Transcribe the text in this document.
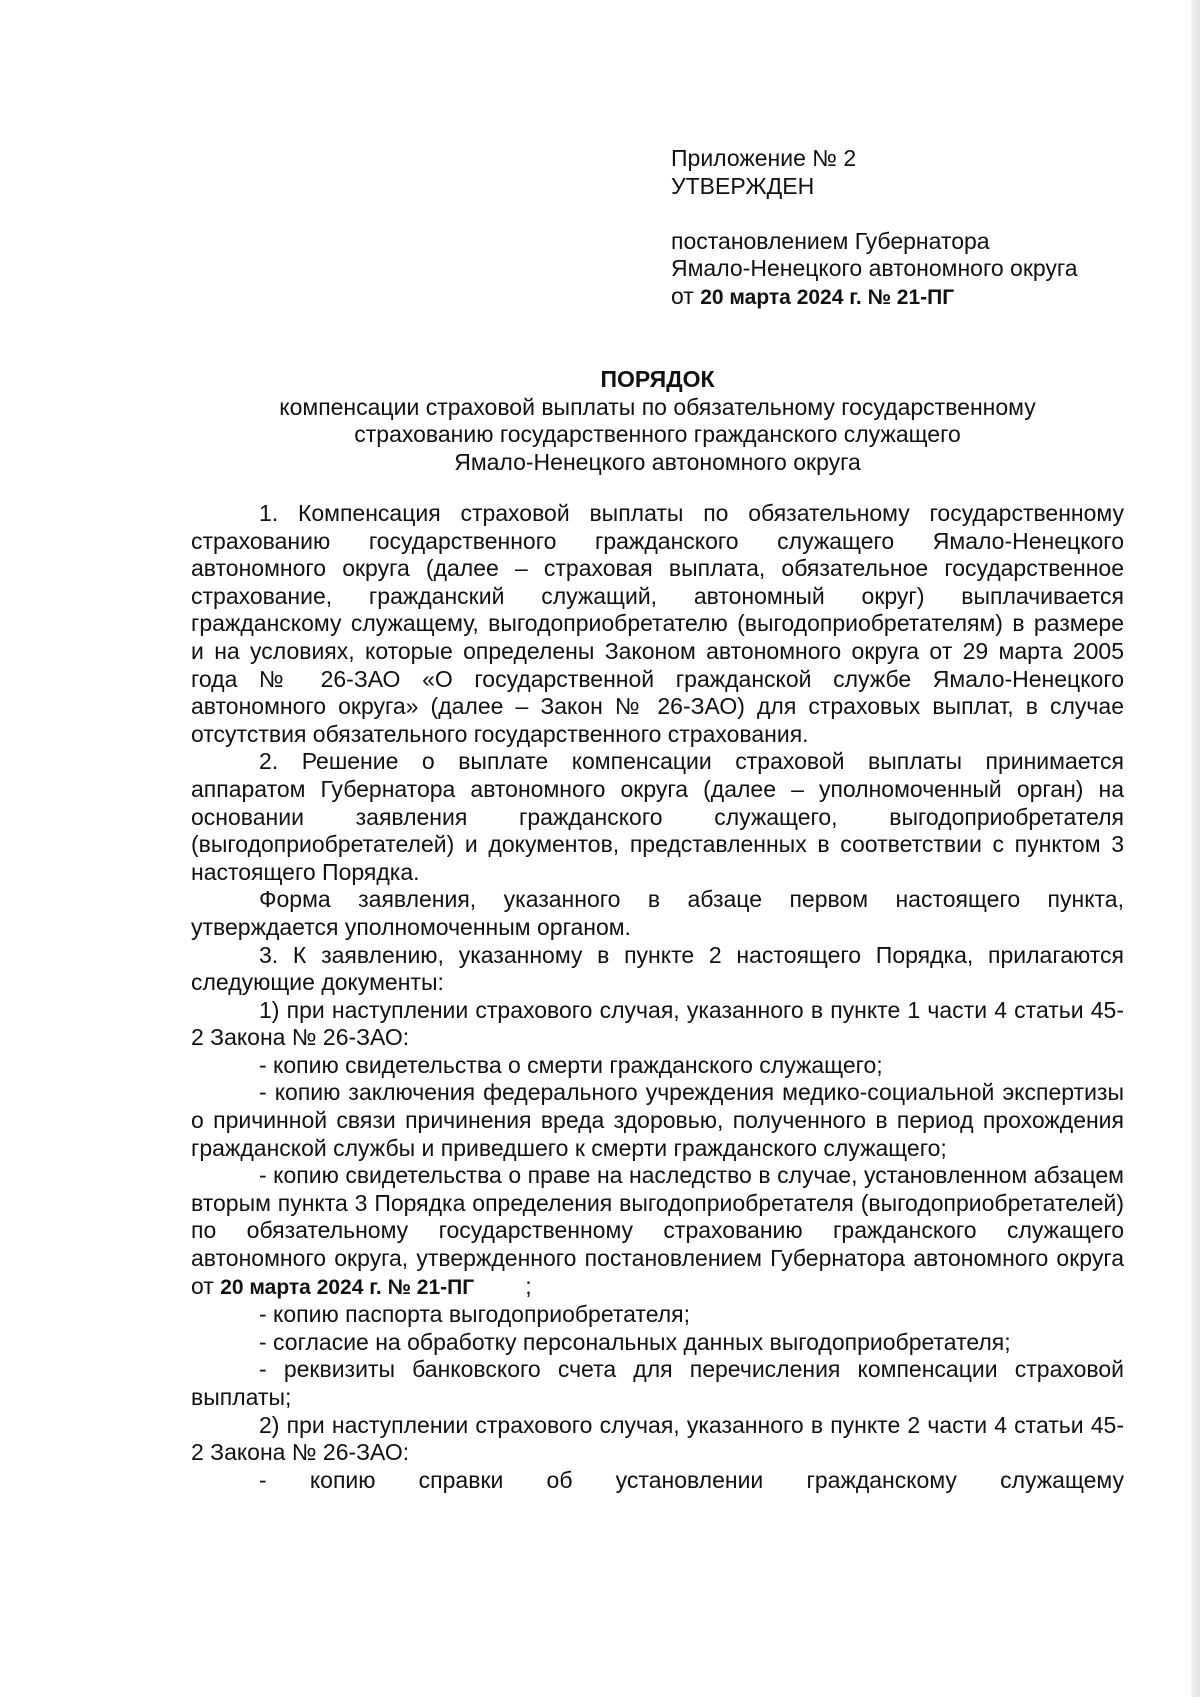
Приложение № 2
УТВЕРЖДЕН
постановлением Губернатора
Ямало-Ненецкого автономного округа
от 20 марта 2024 г. № 21-ПГ
ПОРЯДОК
компенсации страховой выплаты по обязательному государственному
страхованию государственного гражданского служащего
Ямало-Ненецкого автономного округа

1. Компенсация страховой выплаты по обязательному государственному страхованию государственного гражданского служащего Ямало-Ненецкого автономного округа (далее – страховая выплата, обязательное государственное страхование, гражданский служащий, автономный округ) выплачивается гражданскому служащему, выгодоприобретателю (выгодоприобретателям) в размере и на условиях, которые определены Законом автономного округа от 29 марта 2005 года № 26-ЗАО «О государственной гражданской службе Ямало-Ненецкого автономного округа» (далее – Закон № 26-ЗАО) для страховых выплат, в случае отсутствия обязательного государственного страхования.

2. Решение о выплате компенсации страховой выплаты принимается аппаратом Губернатора автономного округа (далее – уполномоченный орган) на основании заявления гражданского служащего, выгодоприобретателя (выгодоприобретателей) и документов, представленных в соответствии с пунктом 3 настоящего Порядка.

Форма заявления, указанного в абзаце первом настоящего пункта, утверждается уполномоченным органом.

3. К заявлению, указанному в пункте 2 настоящего Порядка, прилагаются следующие документы:

1) при наступлении страхового случая, указанного в пункте 1 части 4 статьи 45-2 Закона № 26-ЗАО:

- копию свидетельства о смерти гражданского служащего;

- копию заключения федерального учреждения медико-социальной экспертизы о причинной связи причинения вреда здоровью, полученного в период прохождения гражданской службы и приведшего к смерти гражданского служащего;

- копию свидетельства о праве на наследство в случае, установленном абзацем вторым пункта 3 Порядка определения выгодоприобретателя (выгодоприобретателей) по обязательному государственному страхованию гражданского служащего автономного округа, утвержденного постановлением Губернатора автономного округа от 20 марта 2024 г. № 21-ПГ ;

- копию паспорта выгодоприобретателя;

- согласие на обработку персональных данных выгодоприобретателя;

- реквизиты банковского счета для перечисления компенсации страховой выплаты;

2) при наступлении страхового случая, указанного в пункте 2 части 4 статьи 45-2 Закона № 26-ЗАО:

- копию справки об установлении гражданскому служащему
